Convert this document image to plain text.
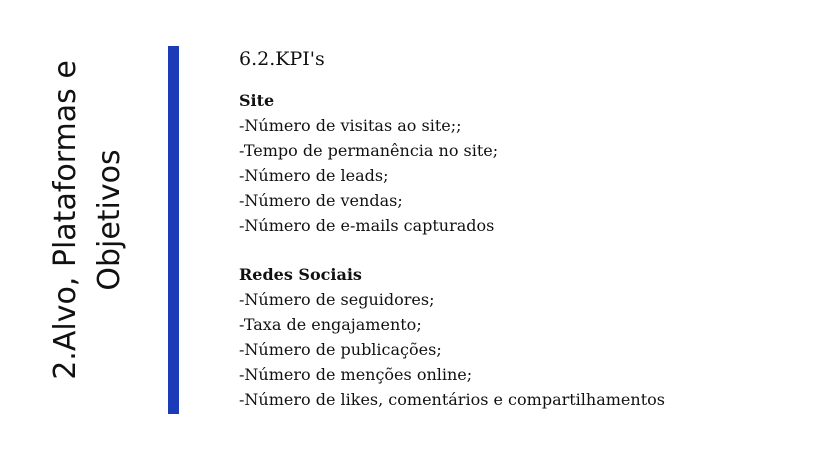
2.Alvo, Plataformas e Objetivos
6.2.KPI's

Site

-Número de visitas ao site;;
-Tempo de permanência no site;
-Número de leads;
-Número de vendas;
-Número de e-mails capturados

Redes Sociais

-Número de seguidores;
-Taxa de engajamento;
-Número de publicações;
-Número de menções online;
-Número de likes, comentários e compartilhamentos
